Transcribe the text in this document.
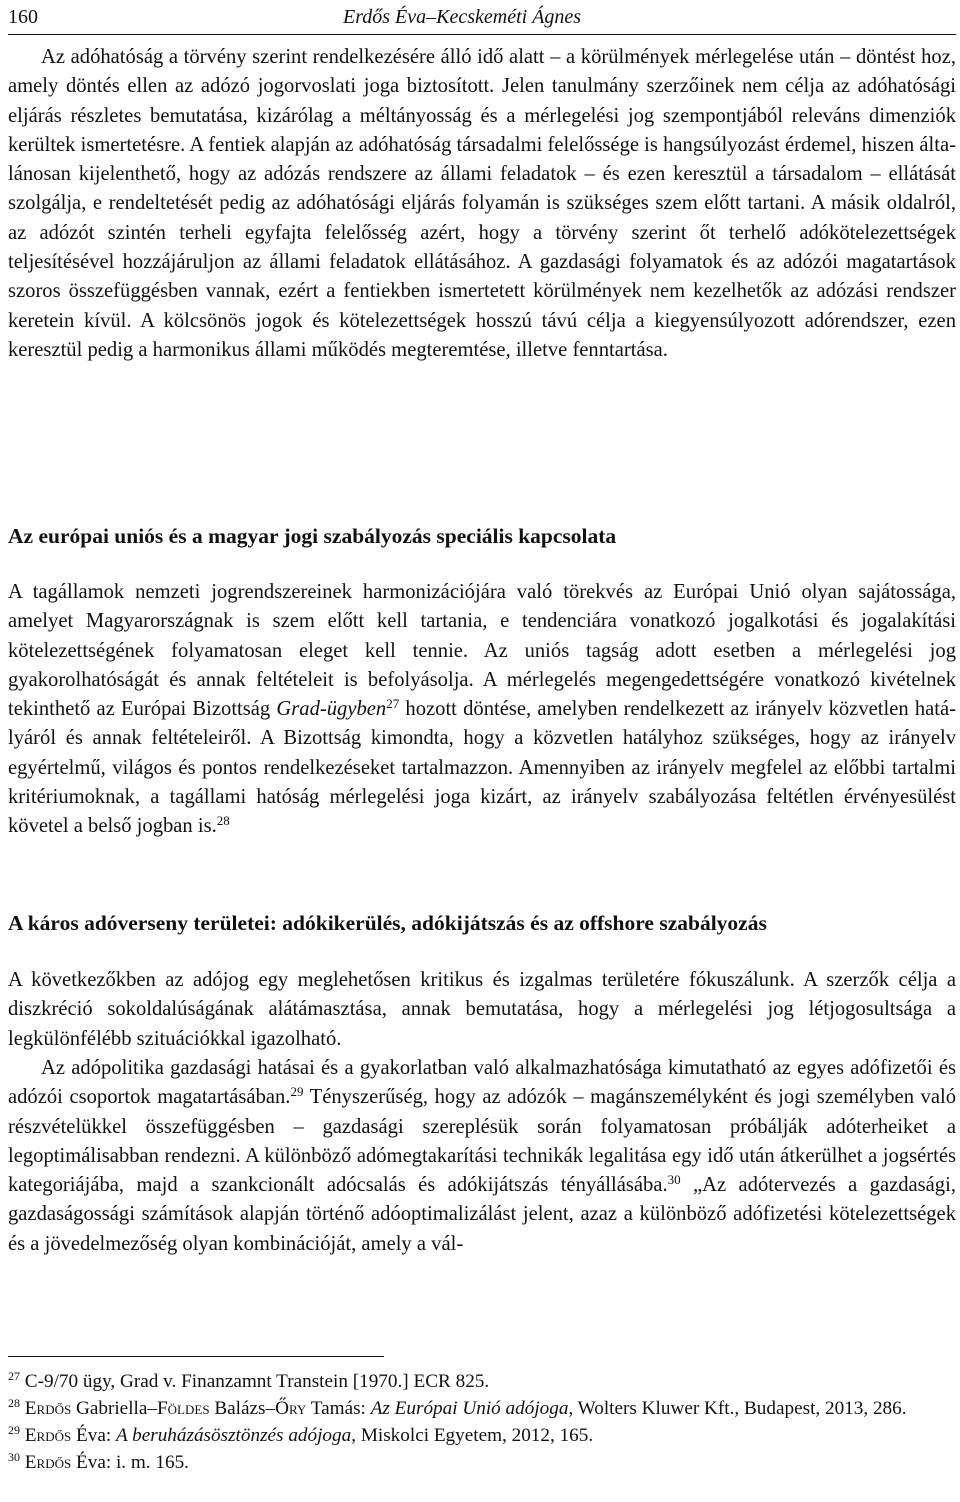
160	Erdős Éva–Kecskeméti Ágnes

Az adóhatóság a törvény szerint rendelkezésére álló idő alatt – a körülmények mérlegelése után – döntést hoz, amely döntés ellen az adózó jogorvoslati joga biztosított. Jelen tanulmány szerzőinek nem célja az adóhatósági eljárás részletes bemutatása, kizárólag a méltányosság és a mérlegelési jog szempontjából releváns dimenziók kerültek ismertetésre. A fentiek alapján az adóhatóság társadalmi felelőssége is hangsúlyozást érdemel, hiszen általánosan kijelenthető, hogy az adózás rendszere az állami feladatok – és ezen keresztül a társadalom – ellátását szolgálja, e rendeltetését pedig az adóhatósági eljárás folyamán is szükséges szem előtt tartani. A másik oldalról, az adózót szintén terheli egyfajta felelősség azért, hogy a törvény szerint őt terhelő adókötelezettségek teljesítésével hozzájáruljon az állami feladatok ellátásához. A gazdasági folyamatok és az adózói magatartások szoros összefüggésben vannak, ezért a fentiekben ismertetett körülmények nem kezelhetők az adózási rendszer keretein kívül. A kölcsönös jogok és kötelezettségek hosszú távú célja a kiegyensúlyozott adórendszer, ezen keresztül pedig a harmonikus állami működés megteremtése, illetve fenntartása.

Az európai uniós és a magyar jogi szabályozás speciális kapcsolata

A tagállamok nemzeti jogrendszereinek harmonizációjára való törekvés az Európai Unió olyan sajátossága, amelyet Magyarországnak is szem előtt kell tartania, e tendenciára vonatkozó jogalkotási és jogalakítási kötelezettségének folyamatosan eleget kell tennie. Az uniós tagság adott esetben a mérlegelési jog gyakorolhatóságát és annak feltételeit is befolyásolja. A mérlegelés megengedettségére vonatkozó kivételnek tekinthető az Európai Bizottság Grad-ügyben$^{27}$ hozott döntése, amelyben rendelkezett az irányelv közvetlen hatályáról és annak feltételeiről. A Bizottság kimondta, hogy a közvetlen hatályhoz szükséges, hogy az irányelv egyértelmű, világos és pontos rendelkezéseket tartalmazzon. Amennyiben az irányelv megfelel az előbbi tartalmi kritériumoknak, a tagállami hatóság mérlegelési joga kizárt, az irányelv szabályozása feltétlen érvényesülést követel a belső jogban is.$^{28}$

A káros adóverseny területei: adókikerülés, adókijátszás és az offshore szabályozás

A következőkben az adójog egy meglehetősen kritikus és izgalmas területére fókuszálunk. A szerzők célja a diszkréció sokoldalúságának alátámasztása, annak bemutatása, hogy a mérlegelési jog létjogosultsága a legkülönfélébb szituációkkal igazolható.

Az adópolitika gazdasági hatásai és a gyakorlatban való alkalmazhatósága kimutatható az egyes adófizetői és adózói csoportok magatartásában.$^{29}$ Tényszerűség, hogy az adózók – magánszemélyként és jogi személyben való részvételükkel összefüggésben – gazdasági szereplésük során folyamatosan próbálják adóterheiket a legoptimálisabban rendezni. A különböző adómegtakarítási technikák legalitása egy idő után átkerülhet a jogsértés kategoriájába, majd a szankcionált adócsalás és adókijátszás tényállásába.$^{30}$ „Az adótervezés a gazdasági, gazdaságossági számítások alapján történő adóoptimalizálást jelent, azaz a különböző adófizetési kötelezettségek és a jövedelmezőség olyan kombinációját, amely a vál-

$^{27}$ C-9/70 ügy, Grad v. Finanzamnt Transtein [1970.] ECR 825.

$^{28}$ Erdős Gabriella–Földes Balázs–Őry Tamás: Az Európai Unió adójoga, Wolters Kluwer Kft., Budapest, 2013, 286.

$^{29}$ Erdős Éva: A beruházásösztönzés adójoga, Miskolci Egyetem, 2012, 165.

$^{30}$ Erdős Éva: i. m. 165.
